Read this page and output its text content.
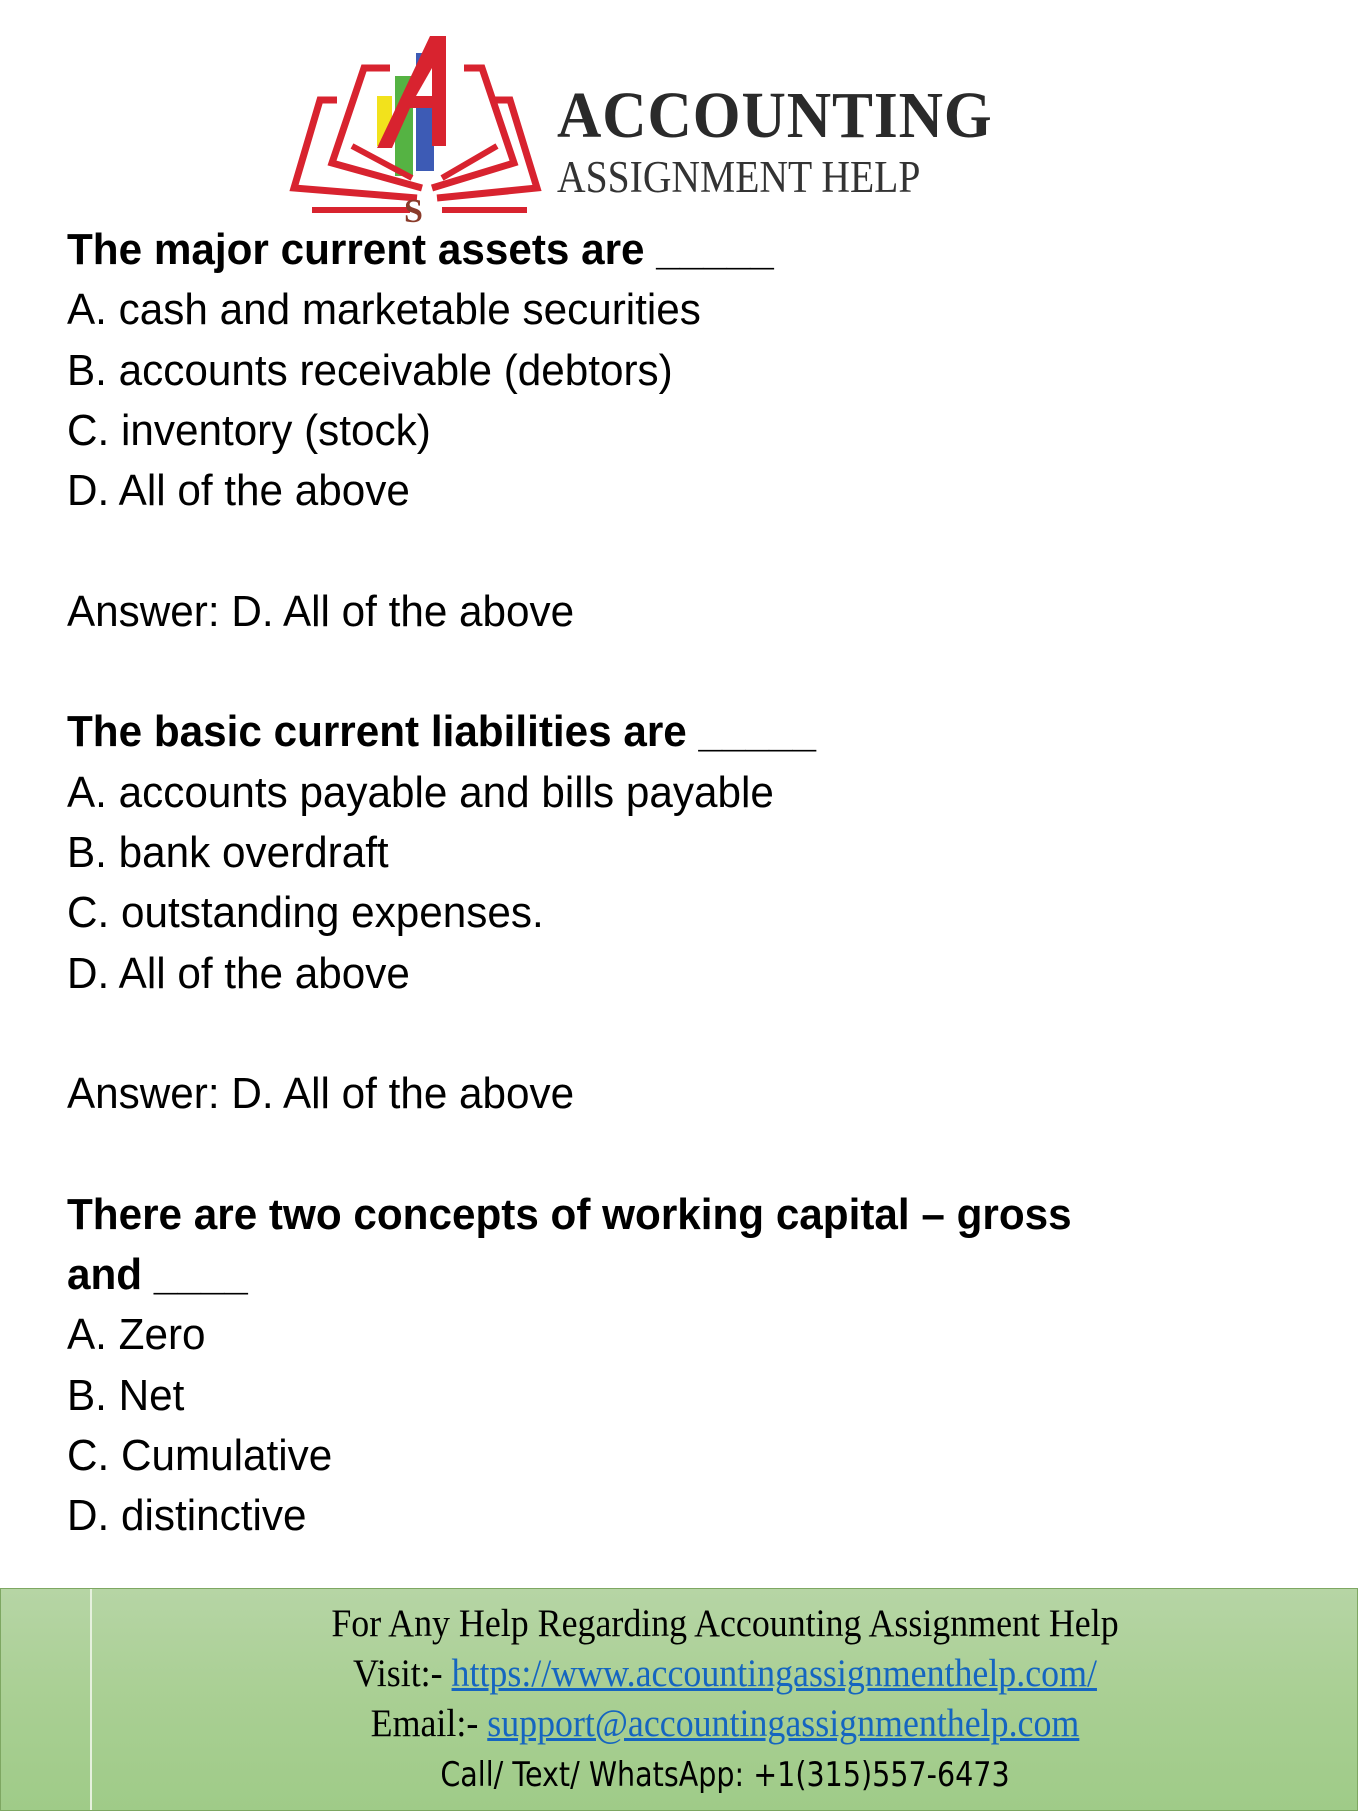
S
ACCOUNTING
ASSIGNMENT HELP
The major current assets are _____
A. cash and marketable securities
B. accounts receivable (debtors)
C. inventory (stock)
D. All of the above
Answer: D. All of the above
The basic current liabilities are _____
A. accounts payable and bills payable
B. bank overdraft
C. outstanding expenses.
D. All of the above
Answer: D. All of the above
There are two concepts of working capital – gross
and ____
A. Zero
B. Net
C. Cumulative
D. distinctive
For Any Help Regarding Accounting Assignment Help
Visit:- https://www.accountingassignmenthelp.com/
Email:- support@accountingassignmenthelp.com
Call/ Text/ WhatsApp: +1(315)557-6473
